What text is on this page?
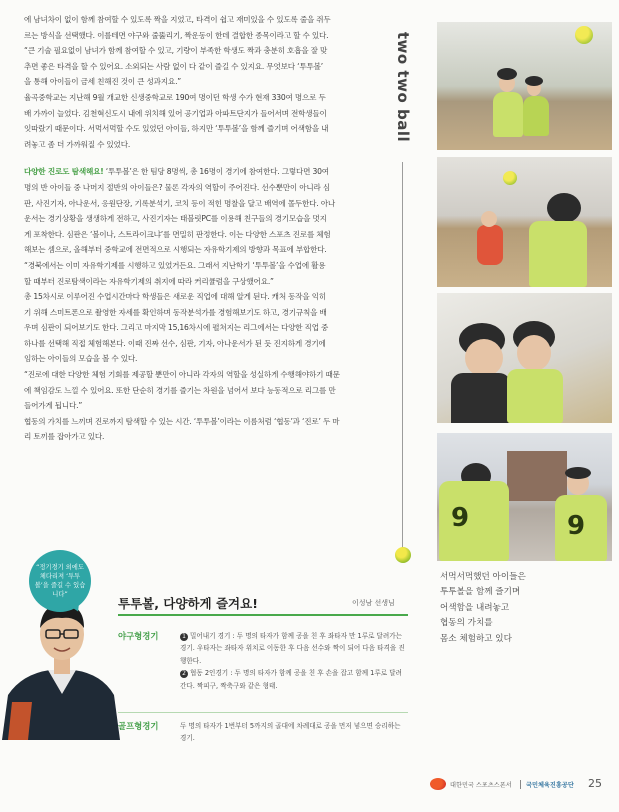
에 남녀차이 없이 함께 참여할 수 있도록 짝을 지었고, 타격이 쉽고 재미있을 수 있도록 줄을 쥐두

르는 방식을 선택했다. 이를테면 야구와 줄뚫리기, 짝운동이 한데 결합한 종목이라고 할 수 있다.

“큰 기술 필요없이 남녀가 함께 참여할 수 있고, 기량이 부족한 학생도 짝과 충분히 호흡을 잘 맞

추면 좋은 타격을 할 수 있어요. 소외되는 사람 없이 다 같이 즐길 수 있지요. 무엇보다 ‘투투볼’

을 통해 아이들이 금세 친해진 것이 큰 성과지요.”

율곡중학교는 지난해 9월 개교한 신생중학교로 190여 명이던 학생 수가 현재 330여 명으로 두

배 가까이 늘었다. 김천혁신도시 내에 위치해 있어 공기업과 아파트단지가 들어서며 전학생들이

잇따랐기 때문이다. 서먹서먹할 수도 있었던 아이들, 하지만 ‘투투볼’을 함께 즐기며 어색함을 내

려놓고 좀 더 가까워질 수 있었다.

다양한 진로도 탐색해요! ‘투투볼’은 한 팀당 8명씩, 총 16명이 경기에 참여한다. 그렇다면 30여

명의 반 아이들 중 나머지 절반의 아이들은? 물론 각자의 역할이 주어진다. 선수뿐만이 아니라 심

판, 사진기자, 아나운서, 응원단장, 기록분석기, 코치 등이 적힌 명찰을 달고 배역에 몰두한다. 아나

운서는 경기상황을 생생하게 전하고, 사진기자는 태블릿PC를 이용해 친구들의 경기모습을 멋지

게 포착한다. 심판은 ‘볼이나, 스트라이크냐’를 면밀히 판정한다. 이는 다양한 스포츠 진로를 체험

해보는 셈으로, 올해부터 중학교에 전면적으로 시행되는 자유학기제의 방향과 목표에 부합한다.

“경북에서는 이미 자유학기제를 시행하고 있었거든요. 그래서 지난학기 ‘투투볼’을 수업에 활용

할 때부터 진로탐색이라는 자유학기제의 취지에 따라 커리큘럼을 구상했어요.”

총 15차시로 이루어진 수업시간마다 학생들은 새로운 직업에 대해 알게 된다. 캐처 동작을 익히

기 위해 스미트폰으로 촬영한 자세를 확인하며 동작분석가를 경험해보기도 하고, 경기규칙을 배

우며 심판이 되어보기도 한다. 그리고 마지막 15,16차시에 펼쳐지는 리그에서는 다양한 직업 중

하나를 선택해 직접 체험해본다. 이때 진짜 선수, 심판, 기자, 아나운서가 된 듯 진지하게 경기에

임하는 아이들의 모습을 볼 수 있다.

“진로에 대한 다양한 체험 기회를 제공할 뿐만이 아니라 각자의 역할을 성실하게 수행해야하기 때문

에 책임감도 느낄 수 있어요. 또한 단순히 경기를 즐기는 차원을 넘어서 보다 능동적으로 리그를 만

들어가게 됩니다.”

협동의 가치를 느끼며 진로까지 탐색할 수 있는 시간. ‘투투볼’이라는 이름처럼 ‘협동’과 ‘진로’ 두 마

리 토끼를 잡아가고 있다.

two two ball
9	9

서먹서먹했던 아이들은

투투볼을 함께 즐기며

어색함을 내려놓고

협동의 가치를

몸소 체험하고 있다

“정기경기 외에도 체다리져 ‘투투볼’을 즐길 수 있습니다”
투투볼, 다양하게 즐겨요!	이성남 선생님
야구형경기	1 밀어내기 경기 : 두 명의 타자가 함께 공을 친 후 좌타자 만 1루로 달려가는 경기. 우타자는 좌타자 위치로 이동한 후 다음 선수와 짝이 되어 다음 타격을 진행한다.
2 협동 2인경기 : 두 명의 타자가 함께 공을 친 후 손을 잡고 함께 1루로 달려간다. 짝피구, 짝축구와 같은 형태.
골프형경기	두 명의 타자가 1번부터 5까지의 골대에 차례대로 공을 먼저 넣으면 승리하는 경기.
대한민국 스포츠스폰서 국민체육진흥공단 25
